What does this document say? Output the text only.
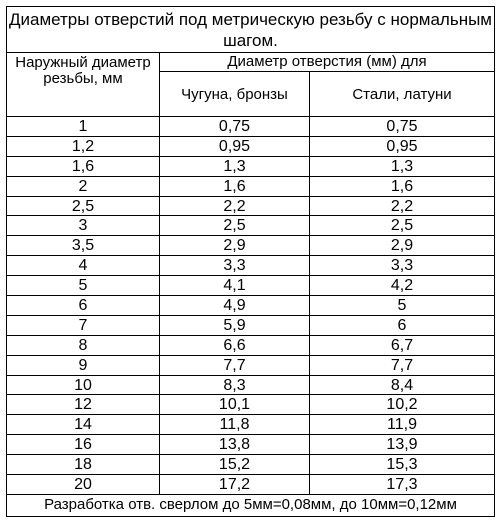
Диаметры отверстий под метрическую резьбу с нормальным шагом.		
Наружный диаметр резьбы, мм	Диаметр отверстия (мм) для	
	Чугуна, бронзы	Стали, латуни
1	0,75	0,75
1,2	0,95	0,95
1,6	1,3	1,3
2	1,6	1,6
2,5	2,2	2,2
3	2,5	2,5
3,5	2,9	2,9
4	3,3	3,3
5	4,1	4,2
6	4,9	5
7	5,9	6
8	6,6	6,7
9	7,7	7,7
10	8,3	8,4
12	10,1	10,2
14	11,8	11,9
16	13,8	13,9
18	15,2	15,3
20	17,2	17,3
Разработка отв. сверлом до 5мм=0,08мм, до 10мм=0,12мм		
